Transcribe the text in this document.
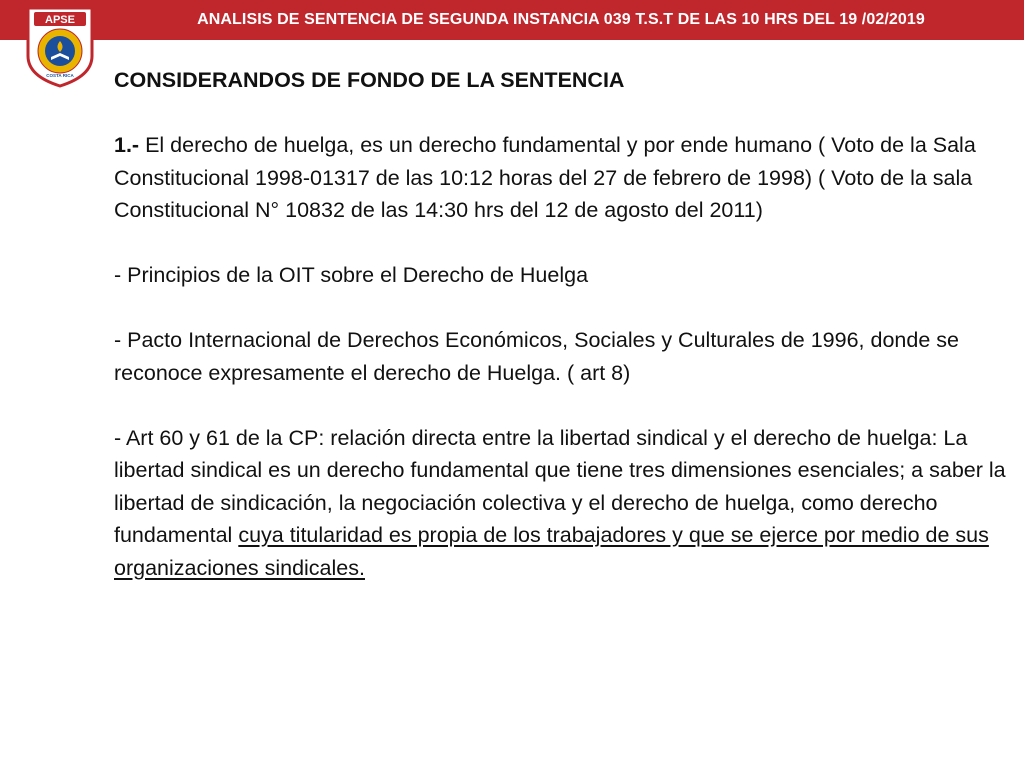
ANALISIS DE SENTENCIA DE SEGUNDA INSTANCIA 039 T.S.T DE LAS 10 HRS DEL 19 /02/2019
APSE
COSTA RICA CONSIDERANDOS DE FONDO DE LA SENTENCIA

1.- El derecho de huelga, es un derecho fundamental y por ende humano ( Voto de la Sala Constitucional 1998-01317 de las 10:12 horas del 27 de febrero de 1998) ( Voto de la sala Constitucional N° 10832 de las 14:30 hrs del 12 de agosto del 2011)

- Principios de la OIT sobre el Derecho de Huelga

- Pacto Internacional de Derechos Económicos, Sociales y Culturales de 1996, donde se reconoce expresamente el derecho de Huelga. ( art 8)

- Art 60 y 61 de la CP: relación directa entre la libertad sindical y el derecho de huelga: La libertad sindical es un derecho fundamental que tiene tres dimensiones esenciales; a saber la libertad de sindicación, la negociación colectiva y el derecho de huelga, como derecho fundamental cuya titularidad es propia de los trabajadores y que se ejerce por medio de sus organizaciones sindicales.
